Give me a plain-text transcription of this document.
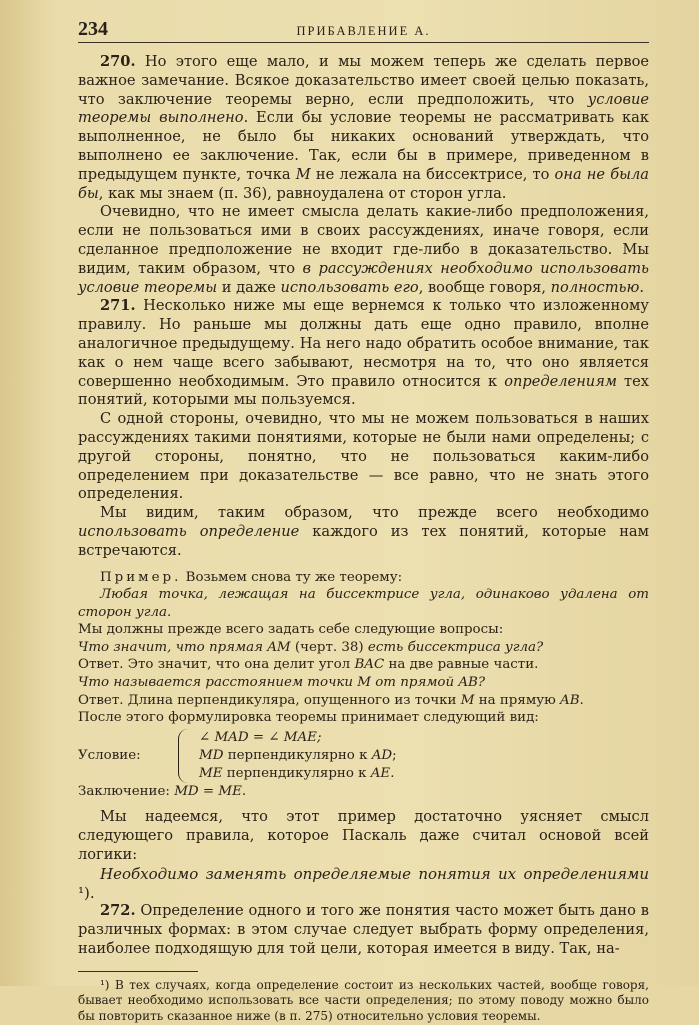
234	ПРИБАВЛЕНИЕ А.

270. Но этого еще мало, и мы можем теперь же сделать первое важное замечание. Всякое доказательство имеет своей целью показать, что заключение теоремы верно, если предположить, что условие теоремы выполнено. Если бы условие теоремы не рассматривать как выполненное, не было бы никаких оснований утверждать, что выполнено ее заключение. Так, если бы в примере, приведенном в предыдущем пункте, точка M не лежала на биссектрисе, то она не была бы, как мы знаем (п. 36), равноудалена от сторон угла.

Очевидно, что не имеет смысла делать какие-либо предположения, если не пользоваться ими в своих рассуждениях, иначе говоря, если сделанное предположение не входит где-либо в доказательство. Мы видим, таким образом, что в рассуждениях необходимо использовать условие теоремы и даже использовать его, вообще говоря, полностью.

271. Несколько ниже мы еще вернемся к только что изложенному правилу. Но раньше мы должны дать еще одно правило, вполне аналогичное предыдущему. На него надо обратить особое внимание, так как о нем чаще всего забывают, несмотря на то, что оно является совершенно необходимым. Это правило относится к определениям тех понятий, которыми мы пользуемся.

С одной стороны, очевидно, что мы не можем пользоваться в наших рассуждениях такими понятиями, которые не были нами определены; с другой стороны, понятно, что не пользоваться каким-либо определением при доказательстве — все равно, что не знать этого определения.

Мы видим, таким образом, что прежде всего необходимо использовать определение каждого из тех понятий, которые нам встречаются.

Пример. Возьмем снова ту же теорему:

Любая точка, лежащая на биссектрисе угла, одинаково удалена от сторон угла.

Мы должны прежде всего задать себе следующие вопросы:

Что значит, что прямая AM (черт. 38) есть биссектриса угла?

Ответ. Это значит, что она делит угол BAC на две равные части.

Что называется расстоянием точки M от прямой AB?

Ответ. Длина перпендикуляра, опущенного из точки M на прямую AB.

После этого формулировка теоремы принимает следующий вид:

Условие:
∠ MAD = ∠ MAE;
MD перпендикулярно к AD;
ME перпендикулярно к AE.
Заключение: MD = ME.

Мы надеемся, что этот пример достаточно уясняет смысл следующего правила, которое Паскаль даже считал основой всей логики:

Необходимо заменять определяемые понятия их определениями ¹).

272. Определение одного и того же понятия часто может быть дано в различных формах: в этом случае следует выбрать форму определения, наиболее подходящую для той цели, которая имеется в виду. Так, на-

¹) В тех случаях, когда определение состоит из нескольких частей, вообще говоря, бывает необходимо использовать все части определения; по этому поводу можно было бы повторить сказанное ниже (в п. 275) относительно условия теоремы.
